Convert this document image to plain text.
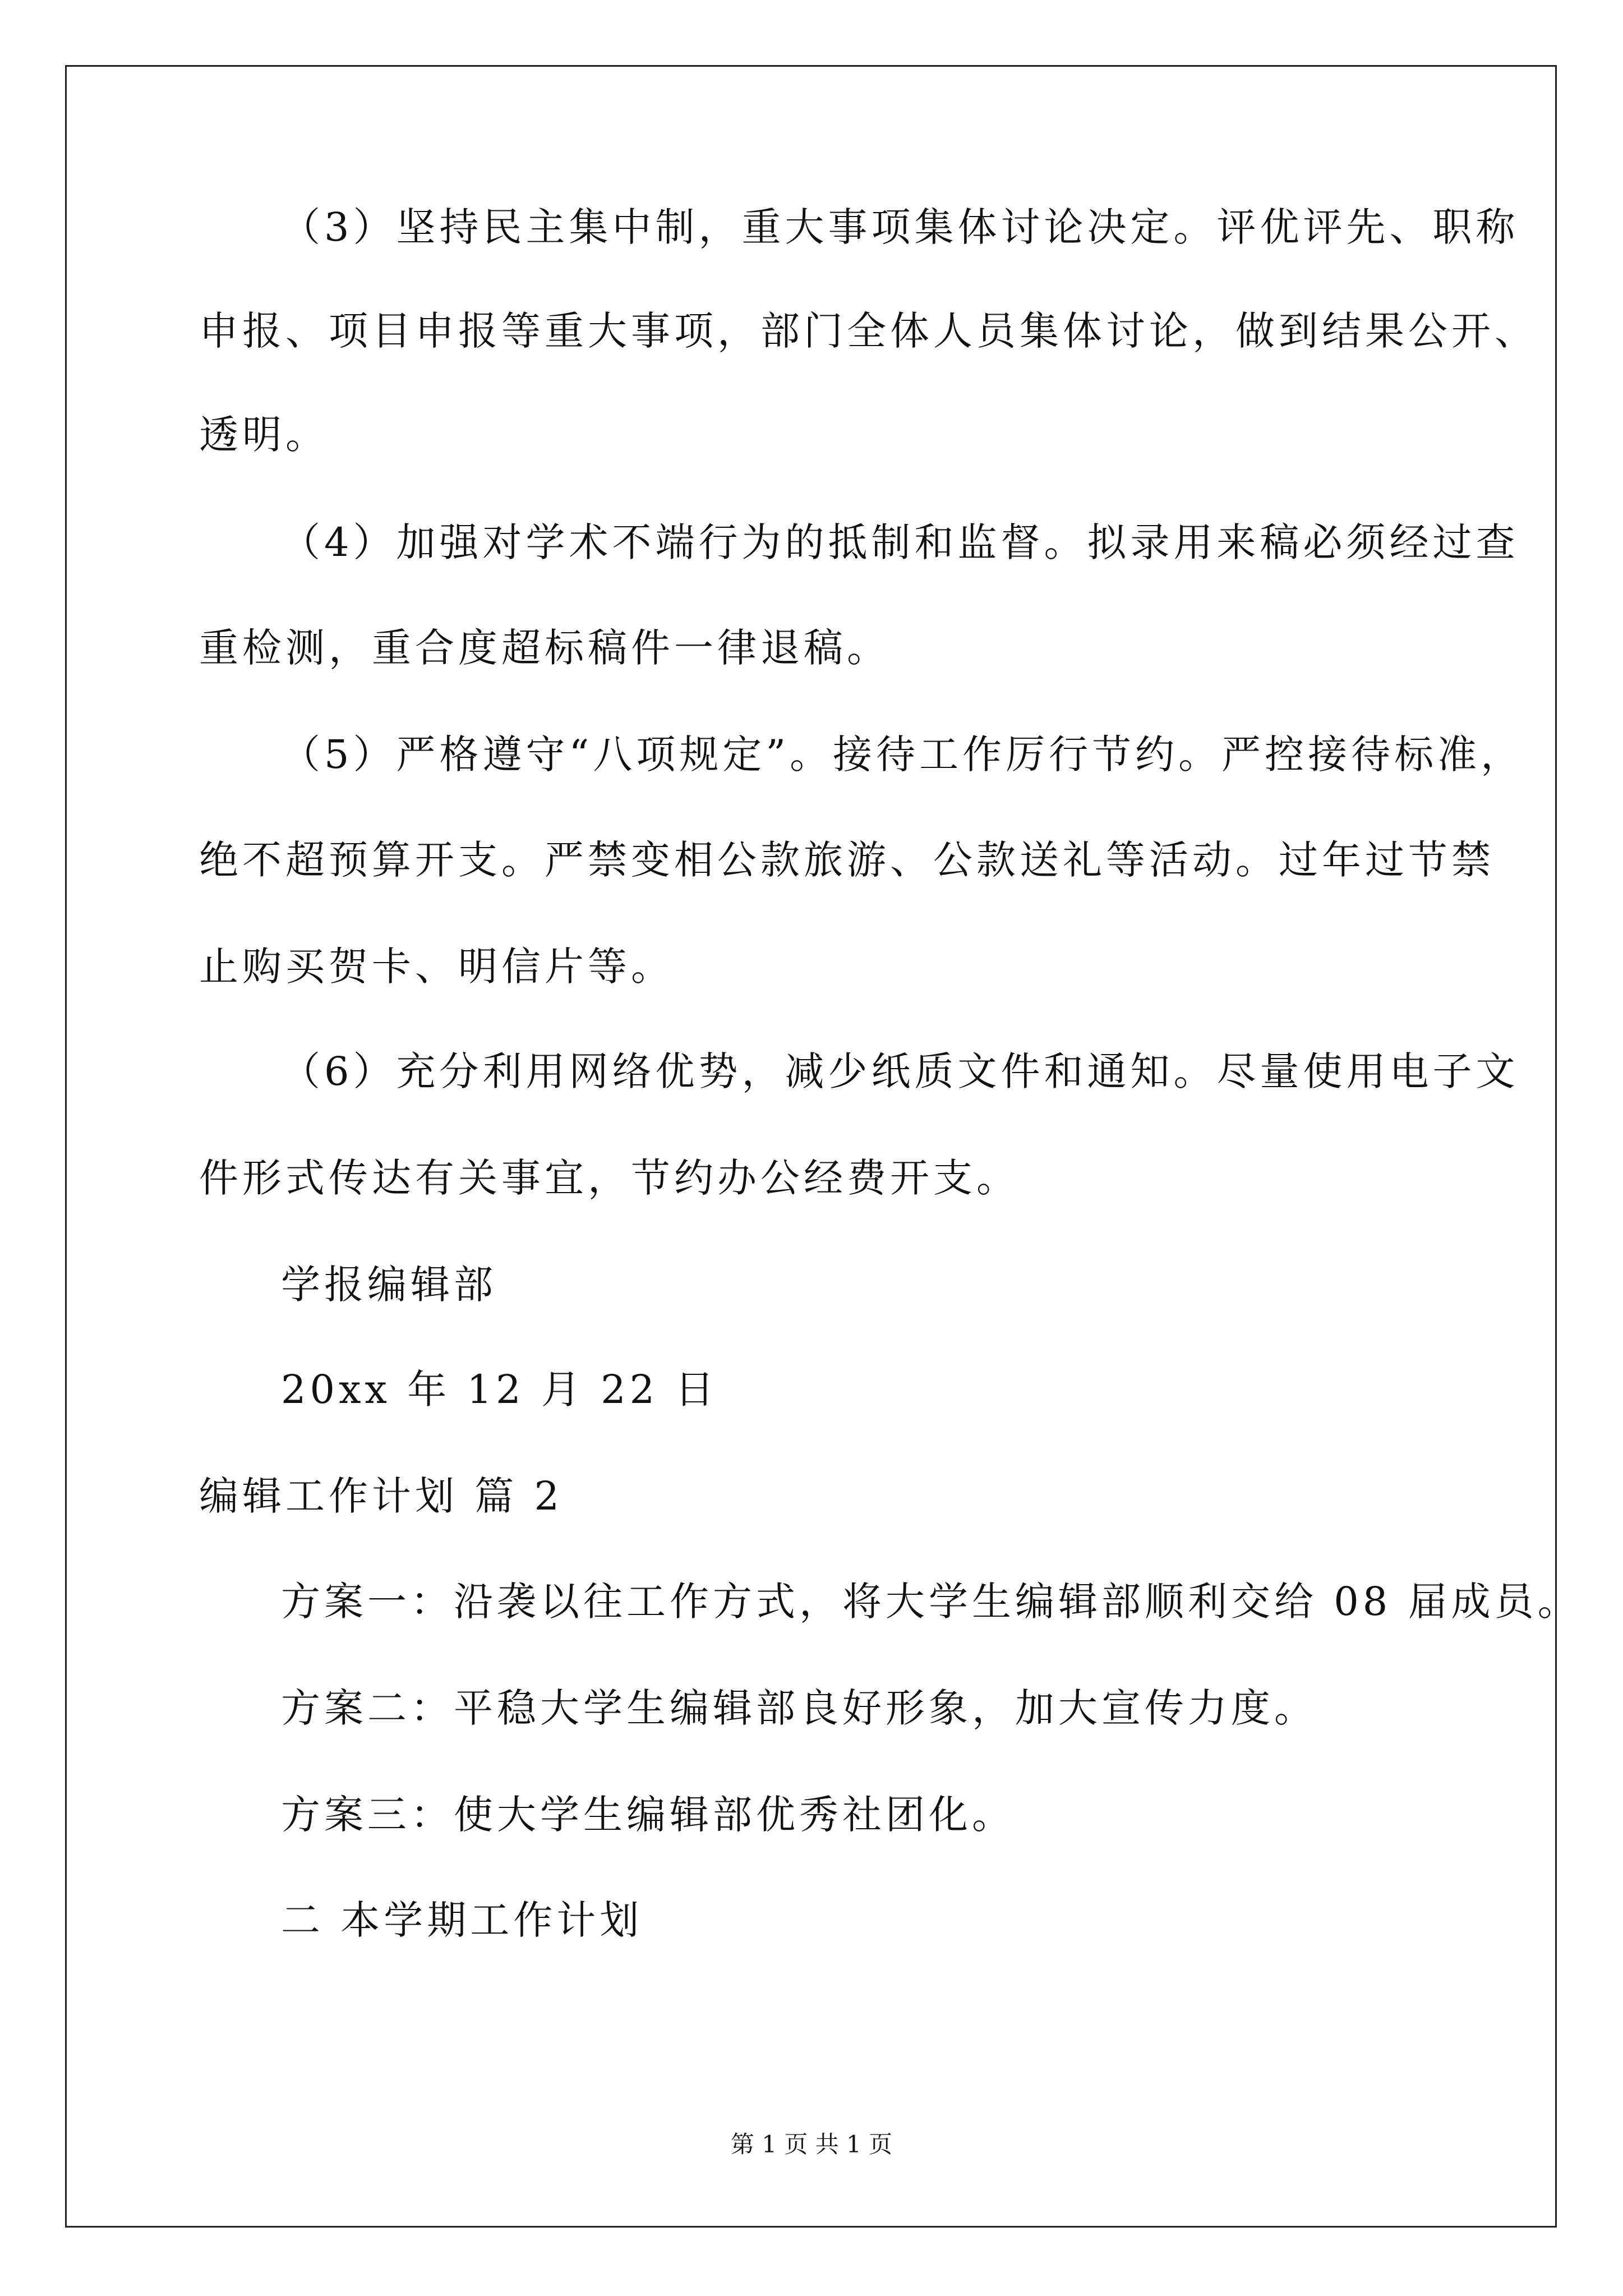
（3）坚持民主集中制，重大事项集体讨论决定。评优评先、职称
申报、项目申报等重大事项，部门全体人员集体讨论，做到结果公开、
透明。
（4）加强对学术不端行为的抵制和监督。拟录用来稿必须经过查
重检测，重合度超标稿件一律退稿。
（5）严格遵守“八项规定”。接待工作厉行节约。严控接待标准，
绝不超预算开支。严禁变相公款旅游、公款送礼等活动。过年过节禁
止购买贺卡、明信片等。
（6）充分利用网络优势，减少纸质文件和通知。尽量使用电子文
件形式传达有关事宜，节约办公经费开支。
学报编辑部
20xx 年 12 月 22 日
编辑工作计划 篇 2
方案一：沿袭以往工作方式，将大学生编辑部顺利交给 08 届成员。
方案二：平稳大学生编辑部良好形象，加大宣传力度。
方案三：使大学生编辑部优秀社团化。
二 本学期工作计划
第 1 页 共 1 页
